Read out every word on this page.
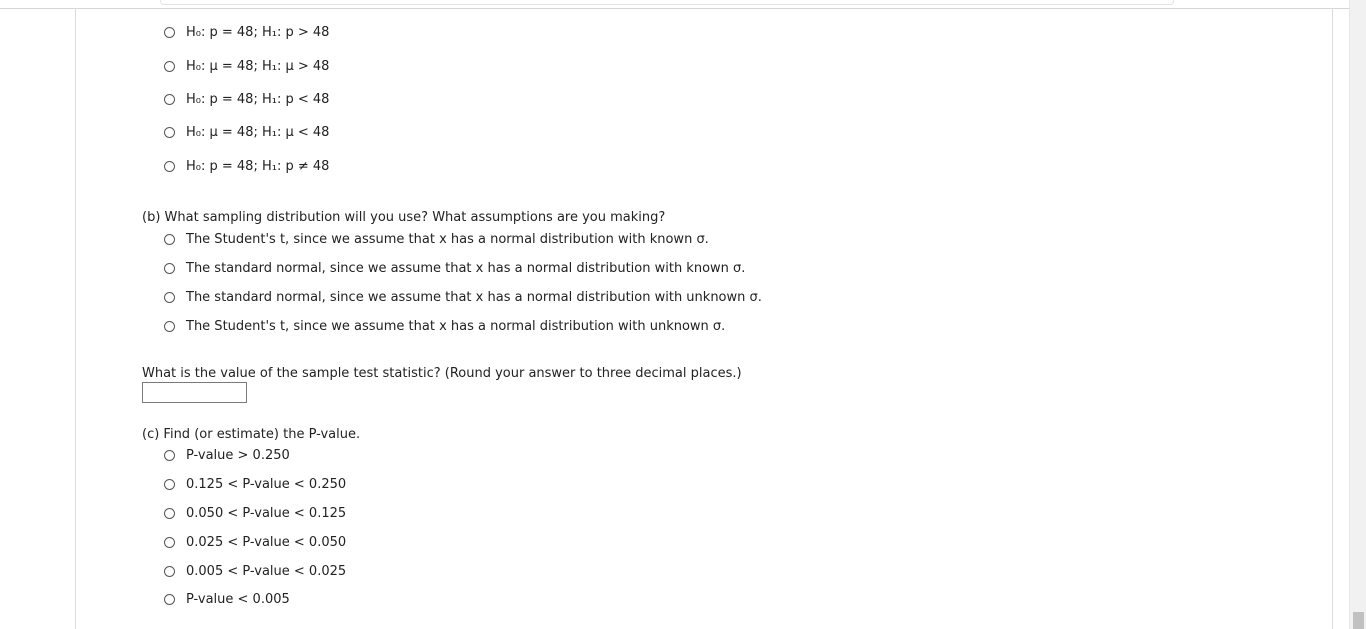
H₀: p = 48; H₁: p > 48
H₀: μ = 48; H₁: μ > 48
H₀: p = 48; H₁: p < 48
H₀: μ = 48; H₁: μ < 48
H₀: p = 48; H₁: p ≠ 48
(b) What sampling distribution will you use? What assumptions are you making?
The Student's t, since we assume that x has a normal distribution with known σ.
The standard normal, since we assume that x has a normal distribution with known σ.
The standard normal, since we assume that x has a normal distribution with unknown σ.
The Student's t, since we assume that x has a normal distribution with unknown σ.
What is the value of the sample test statistic? (Round your answer to three decimal places.)
(c) Find (or estimate) the P-value.
P-value > 0.250
0.125 < P-value < 0.250
0.050 < P-value < 0.125
0.025 < P-value < 0.050
0.005 < P-value < 0.025
P-value < 0.005
